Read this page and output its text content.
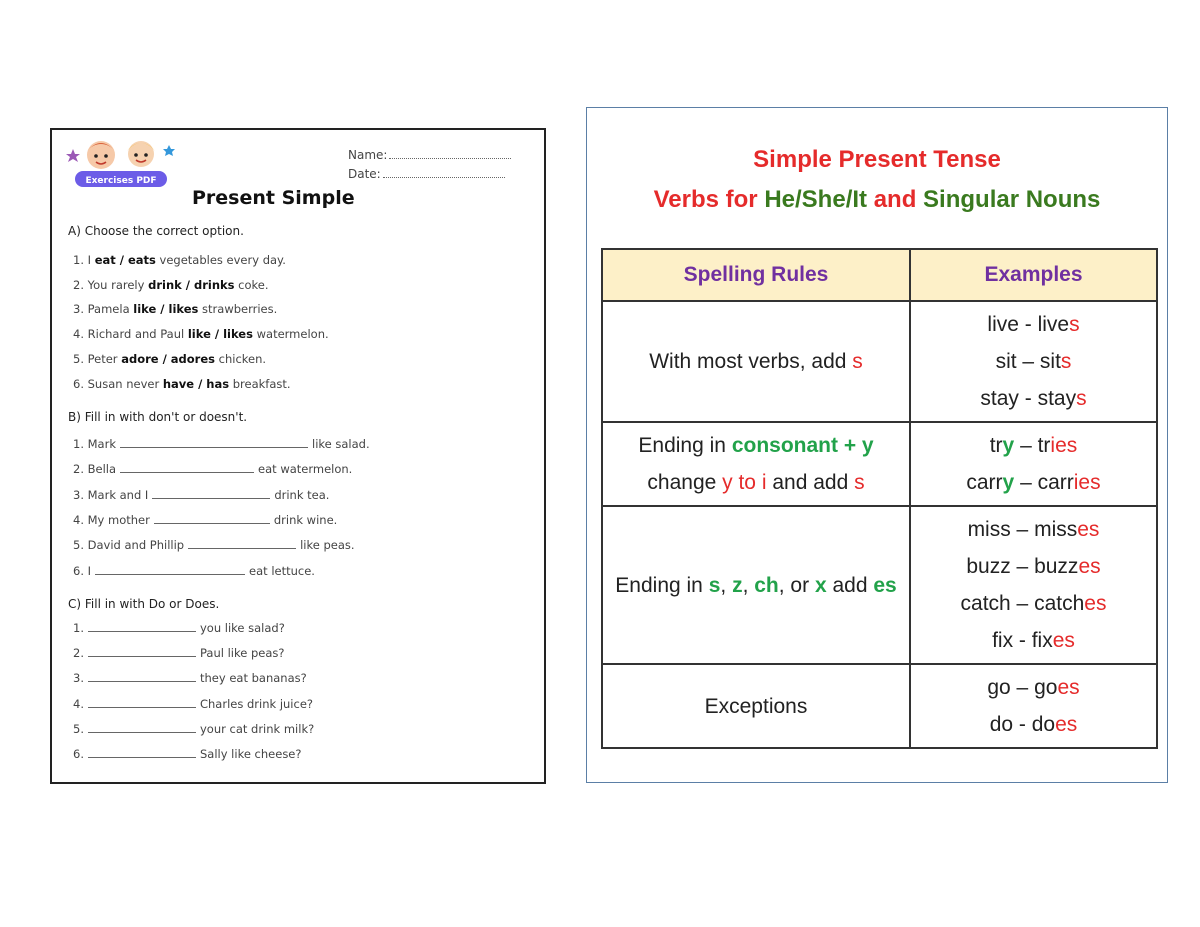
Exercises PDF
Name:
Date:
Present Simple
A) Choose the correct option.
1. I eat / eats vegetables every day.
2. You rarely drink / drinks coke.
3. Pamela like / likes strawberries.
4. Richard and Paul like / likes watermelon.
5. Peter adore / adores chicken.
6. Susan never have / has breakfast.
B) Fill in with don't or doesn't.
1. Mark	like salad.
2. Bella	eat watermelon.
3. Mark and I	drink tea.
4. My mother	drink wine.
5. David and Phillip	like peas.
6. I	eat lettuce.
C) Fill in with Do or Does.
1.	you like salad?
2.	Paul like peas?
3.	they eat bananas?
4.	Charles drink juice?
5.	your cat drink milk?
6.	Sally like cheese?
Simple Present Tense
Verbs for He/She/It and Singular Nouns
Spelling Rules	Examples
With most verbs, add s	live - lives
sit – sits
stay - stays
Ending in consonant + y
change y to i and add s	try – tries
carry – carries
Ending in s, z, ch, or x add es	miss – misses
buzz – buzzes
catch – catches
fix - fixes
Exceptions	go – goes
do - does
